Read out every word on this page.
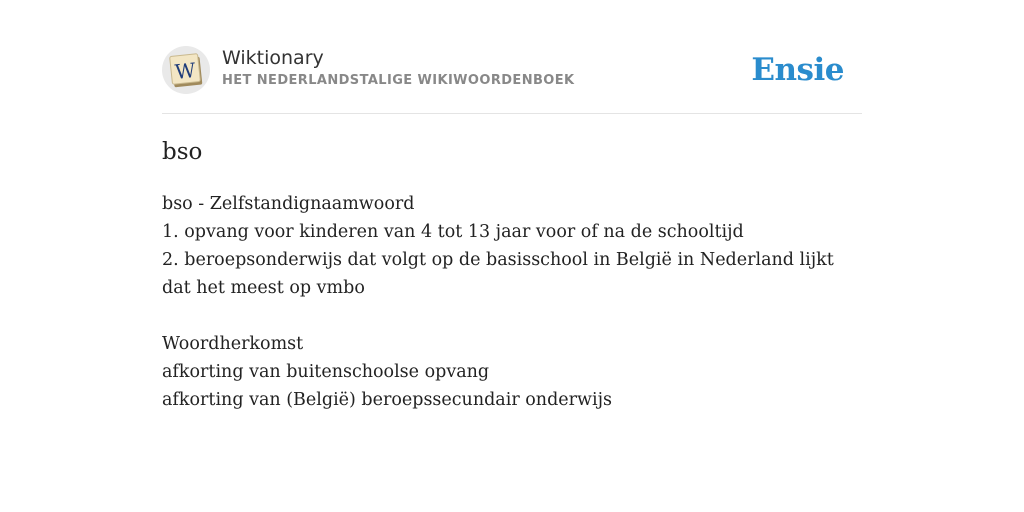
W Wiktionary
HET NEDERLANDSTALIGE WIKIWOORDENBOEK	Ensie
bso
bso - Zelfstandignaamwoord
1. opvang voor kinderen van 4 tot 13 jaar voor of na de schooltijd
2. beroepsonderwijs dat volgt op de basisschool in België in Nederland lijkt dat het meest op vmbo
Woordherkomst
afkorting van buitenschoolse opvang
afkorting van (België) beroepssecundair onderwijs
